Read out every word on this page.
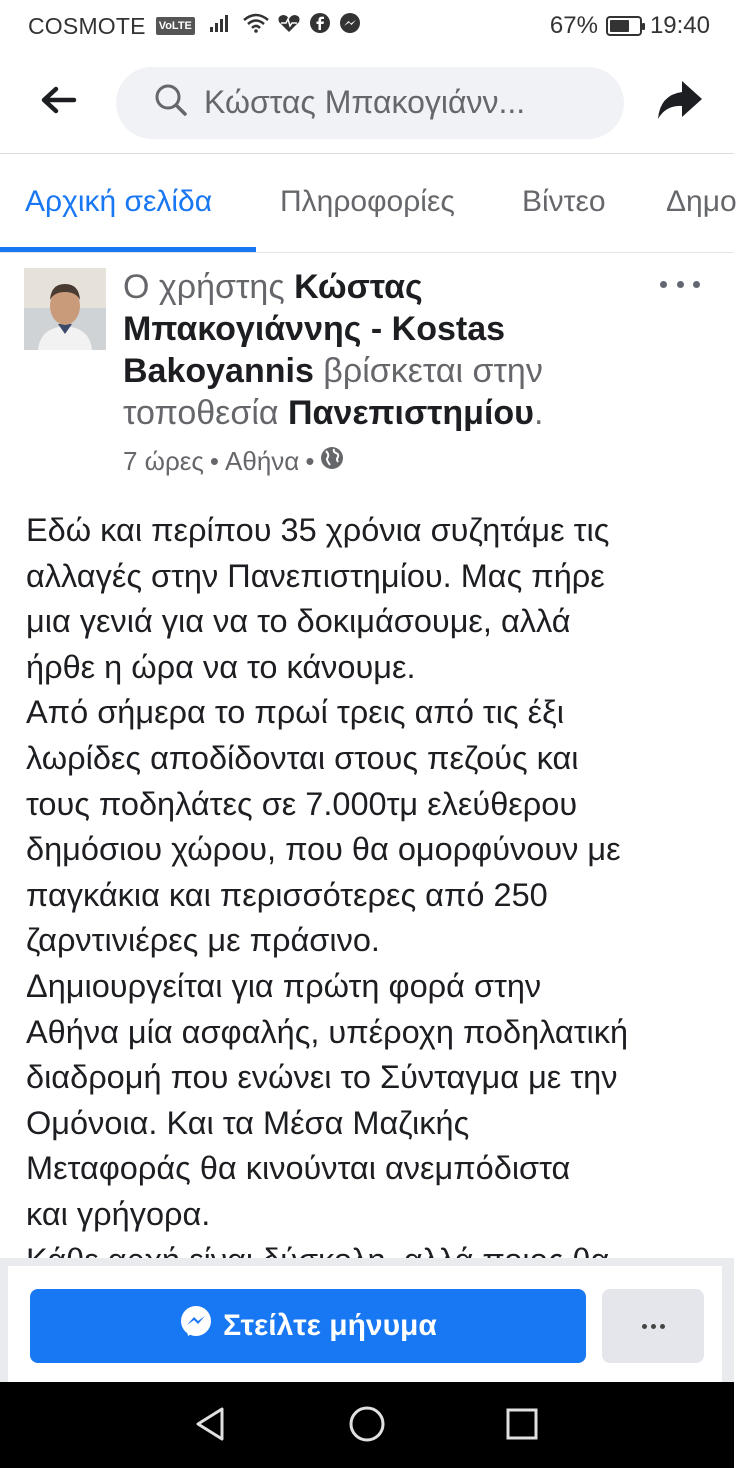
COSMOTE VoLTE	67% 19:40
Κώστας Μπακογιάνν...
Αρχική σελίδα Πληροφορίες Βίντεο Δημο
Ο χρήστης Κώστας Μπακογιάννης - Kostas Bakoyannis βρίσκεται στην τοποθεσία Πανεπιστημίου.
7 ώρες • Αθήνα •
Εδώ και περίπου 35 χρόνια συζητάμε τις
αλλαγές στην Πανεπιστημίου. Μας πήρε
μια γενιά για να το δοκιμάσουμε, αλλά
ήρθε η ώρα να το κάνουμε.
Από σήμερα το πρωί τρεις από τις έξι
λωρίδες αποδίδονται στους πεζούς και
τους ποδηλάτες σε 7.000τμ ελεύθερου
δημόσιου χώρου, που θα ομορφύνουν με
παγκάκια και περισσότερες από 250
ζαρντινιέρες με πράσινο.
Δημιουργείται για πρώτη φορά στην
Αθήνα μία ασφαλής, υπέροχη ποδηλατική
διαδρομή που ενώνει το Σύνταγμα με την
Ομόνοια. Και τα Μέσα Μαζικής
Μεταφοράς θα κινούνται ανεμπόδιστα
και γρήγορα.

Στείλτε μήνυμα
